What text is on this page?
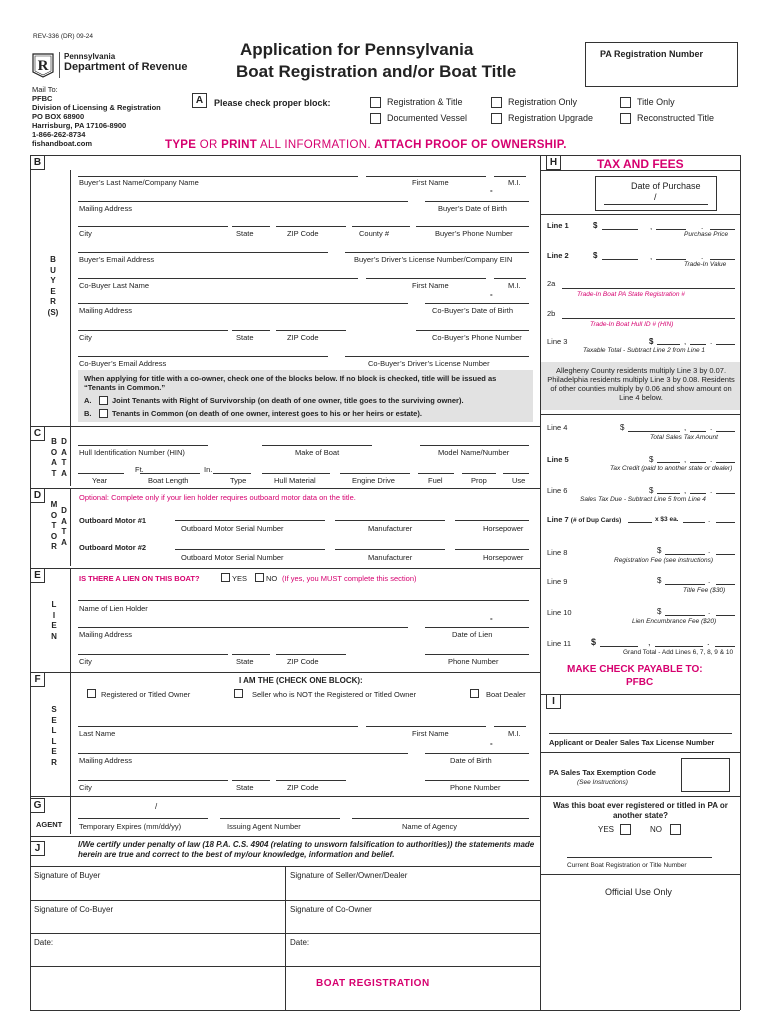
REV-336 (DR) 09-24
R
Pennsylvania
Department of Revenue
Application for Pennsylvania
Boat Registration and/or Boat Title
PA Registration Number
Mail To:
PFBC
Division of Licensing & Registration
PO BOX 68900
Harrisburg, PA 17106-8900
1-866-262-8734
fishandboat.com
A	Please check proper block:	Registration & Title
Documented Vessel
Registration Only
Registration Upgrade
Title Only
Reconstructed Title
TYPE OR PRINT ALL INFORMATION. ATTACH PROOF OF OWNERSHIP.
B
B
U
Y
E
R
(S)
Buyer’s Last Name/Company Name	First Name	M.I.
-
Mailing Address	Buyer’s Date of Birth
City	State	ZIP Code	County #	Buyer’s Phone Number
Buyer’s Email Address	Buyer’s Driver’s License Number/Company EIN
Co-Buyer Last Name	First Name	M.I.
-
Mailing Address	Co-Buyer’s Date of Birth
City	State	ZIP Code	Co-Buyer’s Phone Number
Co-Buyer’s Email Address	Co-Buyer’s Driver’s License Number
When applying for title with a co-owner, check one of the blocks below. If no block is checked, title will be issued as “Tenants in Common.”
A.	Joint Tenants with Right of Survivorship (on death of one owner, title goes to the surviving owner).
B.	Tenants in Common (on death of one owner, interest goes to his or her heirs or estate).
C
B
O
A
T
D
A
T
A
Hull Identification Number (HIN)	Make of Boat	Model Name/Number
Ft.	In.
Year	Boat Length	Type	Hull Material	Engine Drive	Fuel	Prop	Use
D
M
O
T
O
R
D
A
T
A
Optional: Complete only if your lien holder requires outboard motor data on the title.
Outboard Motor #1
Outboard Motor Serial Number	Manufacturer	Horsepower
Outboard Motor #2
Outboard Motor Serial Number	Manufacturer	Horsepower
E
L
I
E
N
IS THERE A LIEN ON THIS BOAT?	YES	NO (If yes, you MUST complete this section)
Name of Lien Holder
-
Mailing Address	Date of Lien
City	State	ZIP Code	Phone Number
F
S
E
L
L
E
R
I AM THE (CHECK ONE BLOCK):
Registered or Titled Owner	Seller who is NOT the Registered or Titled Owner	Boat Dealer
Last Name	First Name	M.I.
-
Mailing Address	Date of Birth
City	State	ZIP Code	Phone Number
G
AGENT
/
Temporary Expires (mm/dd/yy)	Issuing Agent Number	Name of Agency
J	I/We certify under penalty of law (18 P.A. C.S. 4904 (relating to unsworn falsification to authorities)) the statements made herein are true and correct to the best of my/our knowledge, information and belief.
Signature of Buyer	Signature of Seller/Owner/Dealer
Signature of Co-Buyer	Signature of Co-Owner
Date:	Date:
H	TAX AND FEES
Date of Purchase
/
Line 1	$	,	.
Purchase Price
Line 2	$	,	.
Trade-In Value
2a
Trade-In Boat PA State Registration #
2b
Trade-In Boat Hull ID # (HIN)
Line 3	$	,	.
Taxable Total - Subtract Line 2 from Line 1
Allegheny County residents multiply Line 3 by 0.07. Philadelphia residents multiply Line 3 by 0.08. Residents of other counties multiply by 0.06 and show amount on Line 4 below.
Line 4	$	,	.
Total Sales Tax Amount
Line 5	$	,	.
Tax Credit (paid to another state or dealer)
Line 6	$	,	.
Sales Tax Due - Subtract Line 5 from Line 4
Line 7 (# of Dup Cards)	x $3 ea.	.
Line 8	$	.
Registration Fee (see instructions)
Line 9	$	.
Title Fee ($30)
Line 10	$	.
Lien Encumbrance Fee ($20)
Line 11 $	,	.
Grand Total - Add Lines 6, 7, 8, 9 & 10
MAKE CHECK PAYABLE TO:
PFBC
I
Applicant or Dealer Sales Tax License Number
PA Sales Tax Exemption Code
(See Instructions)
Was this boat ever registered or titled in PA or another state?
YES	NO
Current Boat Registration or Title Number
Official Use Only
BOAT REGISTRATION
